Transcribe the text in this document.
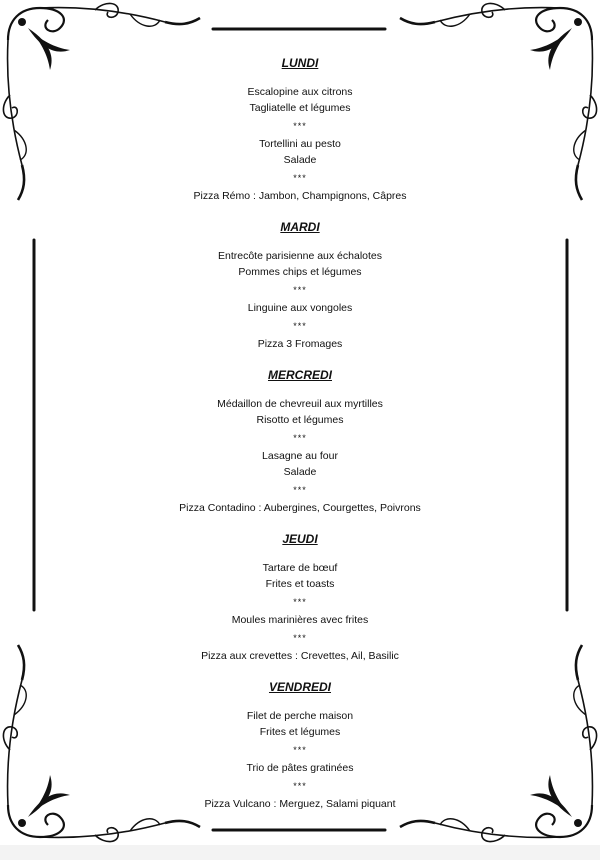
LUNDI
Escalopine aux citrons
Tagliatelle et légumes
***
Tortellini au pesto
Salade
***
Pizza Rémo : Jambon, Champignons, Câpres
MARDI
Entrecôte parisienne aux échalotes
Pommes chips et légumes
***
Linguine aux vongoles
***
Pizza 3 Fromages
MERCREDI
Médaillon de chevreuil aux myrtilles
Risotto et légumes
***
Lasagne au four
Salade
***
Pizza Contadino : Aubergines, Courgettes, Poivrons
JEUDI
Tartare de bœuf
Frites et toasts
***
Moules marinières avec frites
***
Pizza aux crevettes : Crevettes, Ail, Basilic
VENDREDI
Filet de perche maison
Frites et légumes
***
Trio de pâtes gratinées
***
Pizza Vulcano : Merguez, Salami piquant
